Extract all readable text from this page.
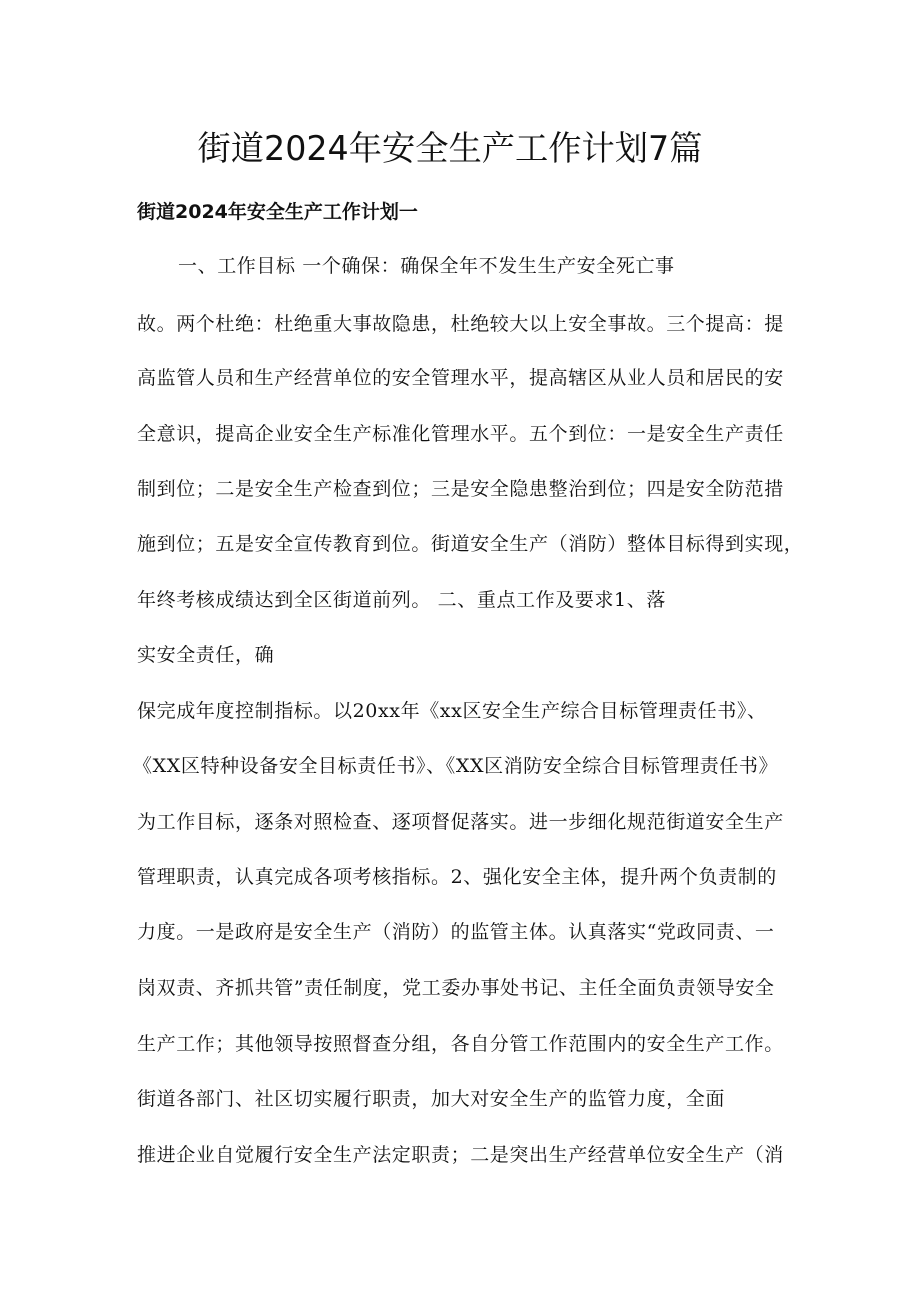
街道2024年安全生产工作计划7篇
街道2024年安全生产工作计划一
一、工作目标 一个确保：确保全年不发生生产安全死亡事
故。两个杜绝：杜绝重大事故隐患，杜绝较大以上安全事故。三个提高：提
高监管人员和生产经营单位的安全管理水平，提高辖区从业人员和居民的安
全意识，提高企业安全生产标准化管理水平。五个到位：一是安全生产责任
制到位；二是安全生产检查到位；三是安全隐患整治到位；四是安全防范措
施到位；五是安全宣传教育到位。街道安全生产（消防）整体目标得到实现，
年终考核成绩达到全区街道前列。 二、重点工作及要求1、落
实安全责任，确
保完成年度控制指标。以20xx年《xx区安全生产综合目标管理责任书》、
《XX区特种设备安全目标责任书》、《XX区消防安全综合目标管理责任书》
为工作目标，逐条对照检查、逐项督促落实。进一步细化规范街道安全生产
管理职责，认真完成各项考核指标。2、强化安全主体，提升两个负责制的
力度。一是政府是安全生产（消防）的监管主体。认真落实“党政同责、一
岗双责、齐抓共管”责任制度，党工委办事处书记、主任全面负责领导安全
生产工作；其他领导按照督查分组，各自分管工作范围内的安全生产工作。
街道各部门、社区切实履行职责，加大对安全生产的监管力度，全面
推进企业自觉履行安全生产法定职责；二是突出生产经营单位安全生产（消
